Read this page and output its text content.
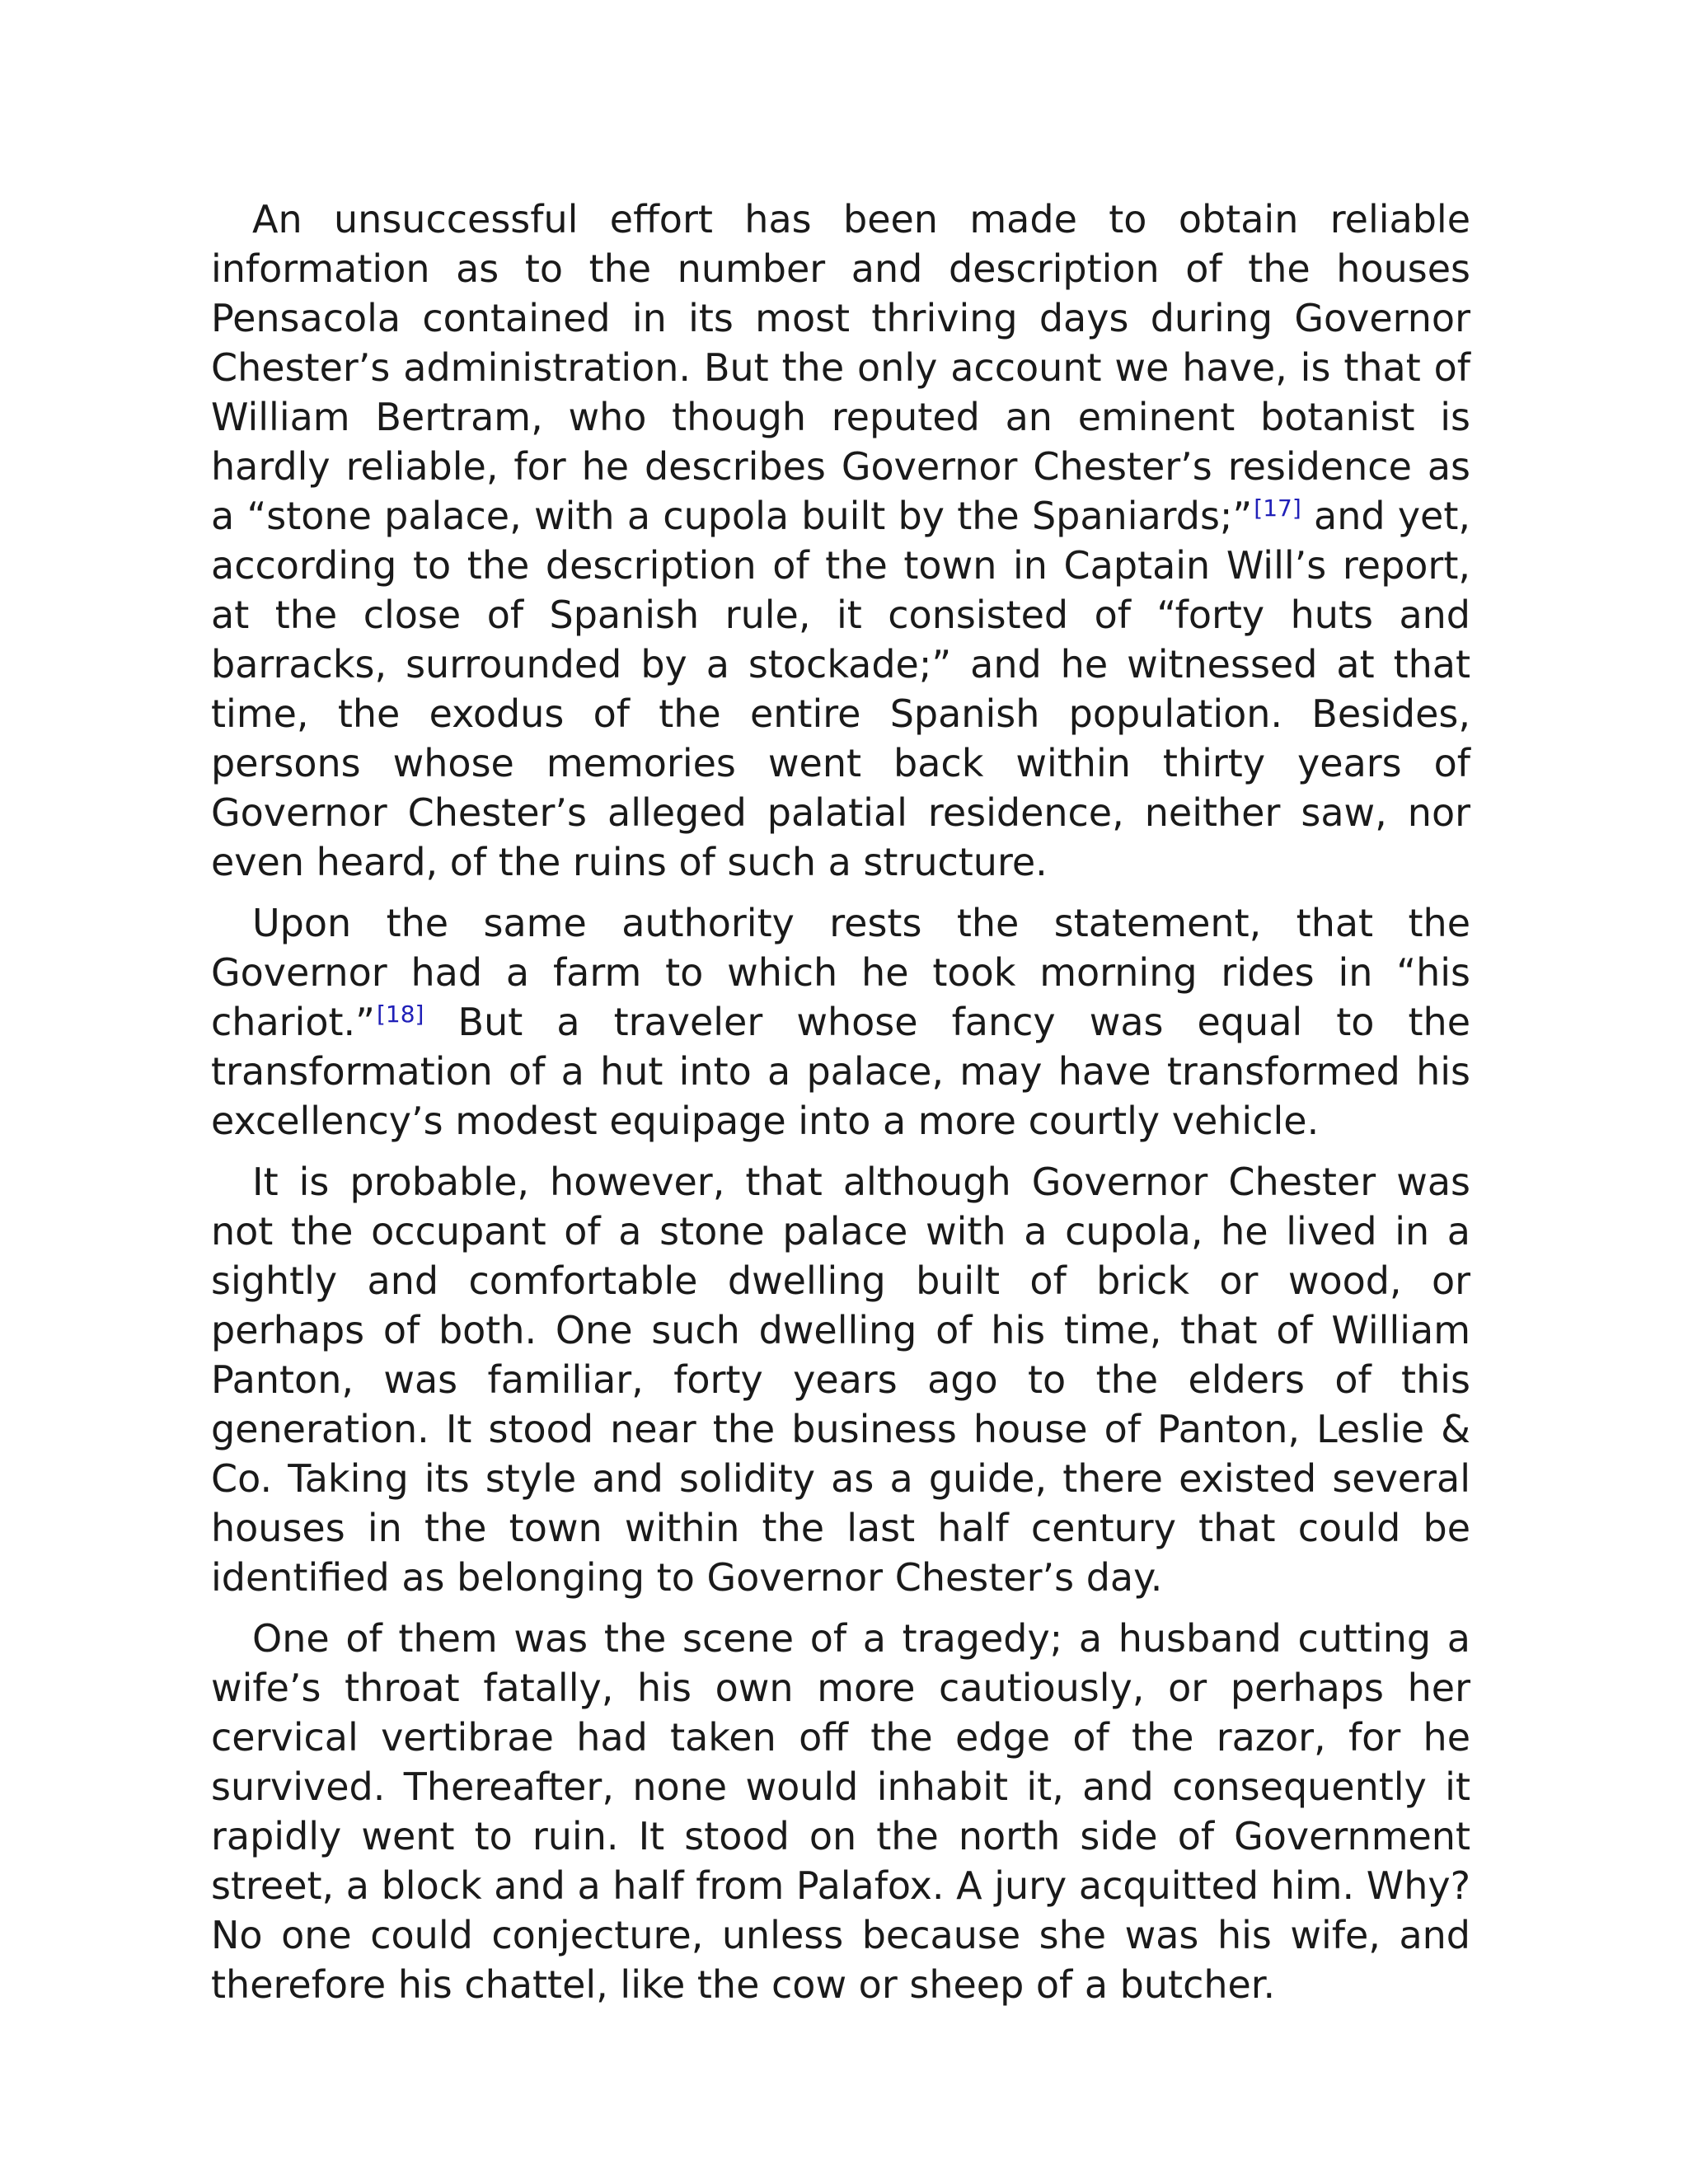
An unsuccessful effort has been made to obtain reliable information as to the number and description of the houses Pensacola contained in its most thriving days during Governor Chester’s administration. But the only account we have, is that of William Bertram, who though reputed an eminent botanist is hardly reliable, for he describes Governor Chester’s residence as a “stone palace, with a cupola built by the Spaniards;”[17] and yet, according to the description of the town in Captain Will’s report, at the close of Spanish rule, it consisted of “forty huts and barracks, surrounded by a stockade;” and he witnessed at that time, the exodus of the entire Spanish population. Besides, persons whose memories went back within thirty years of Governor Chester’s alleged palatial residence, neither saw, nor even heard, of the ruins of such a structure.

Upon the same authority rests the statement, that the Governor had a farm to which he took morning rides in “his chariot.”[18] But a traveler whose fancy was equal to the transformation of a hut into a palace, may have transformed his excellency’s modest equipage into a more courtly vehicle.

It is probable, however, that although Governor Chester was not the occupant of a stone palace with a cupola, he lived in a sightly and comfortable dwelling built of brick or wood, or perhaps of both. One such dwelling of his time, that of William Panton, was familiar, forty years ago to the elders of this generation. It stood near the business house of Panton, Leslie & Co. Taking its style and solidity as a guide, there existed several houses in the town within the last half century that could be identified as belonging to Governor Chester’s day.

One of them was the scene of a tragedy; a husband cutting a wife’s throat fatally, his own more cautiously, or perhaps her cervical vertibrae had taken off the edge of the razor, for he survived. Thereafter, none would inhabit it, and consequently it rapidly went to ruin. It stood on the north side of Government street, a block and a half from Palafox. A jury acquitted him. Why? No one could conjecture, unless because she was his wife, and therefore his chattel, like the cow or sheep of a butcher.
